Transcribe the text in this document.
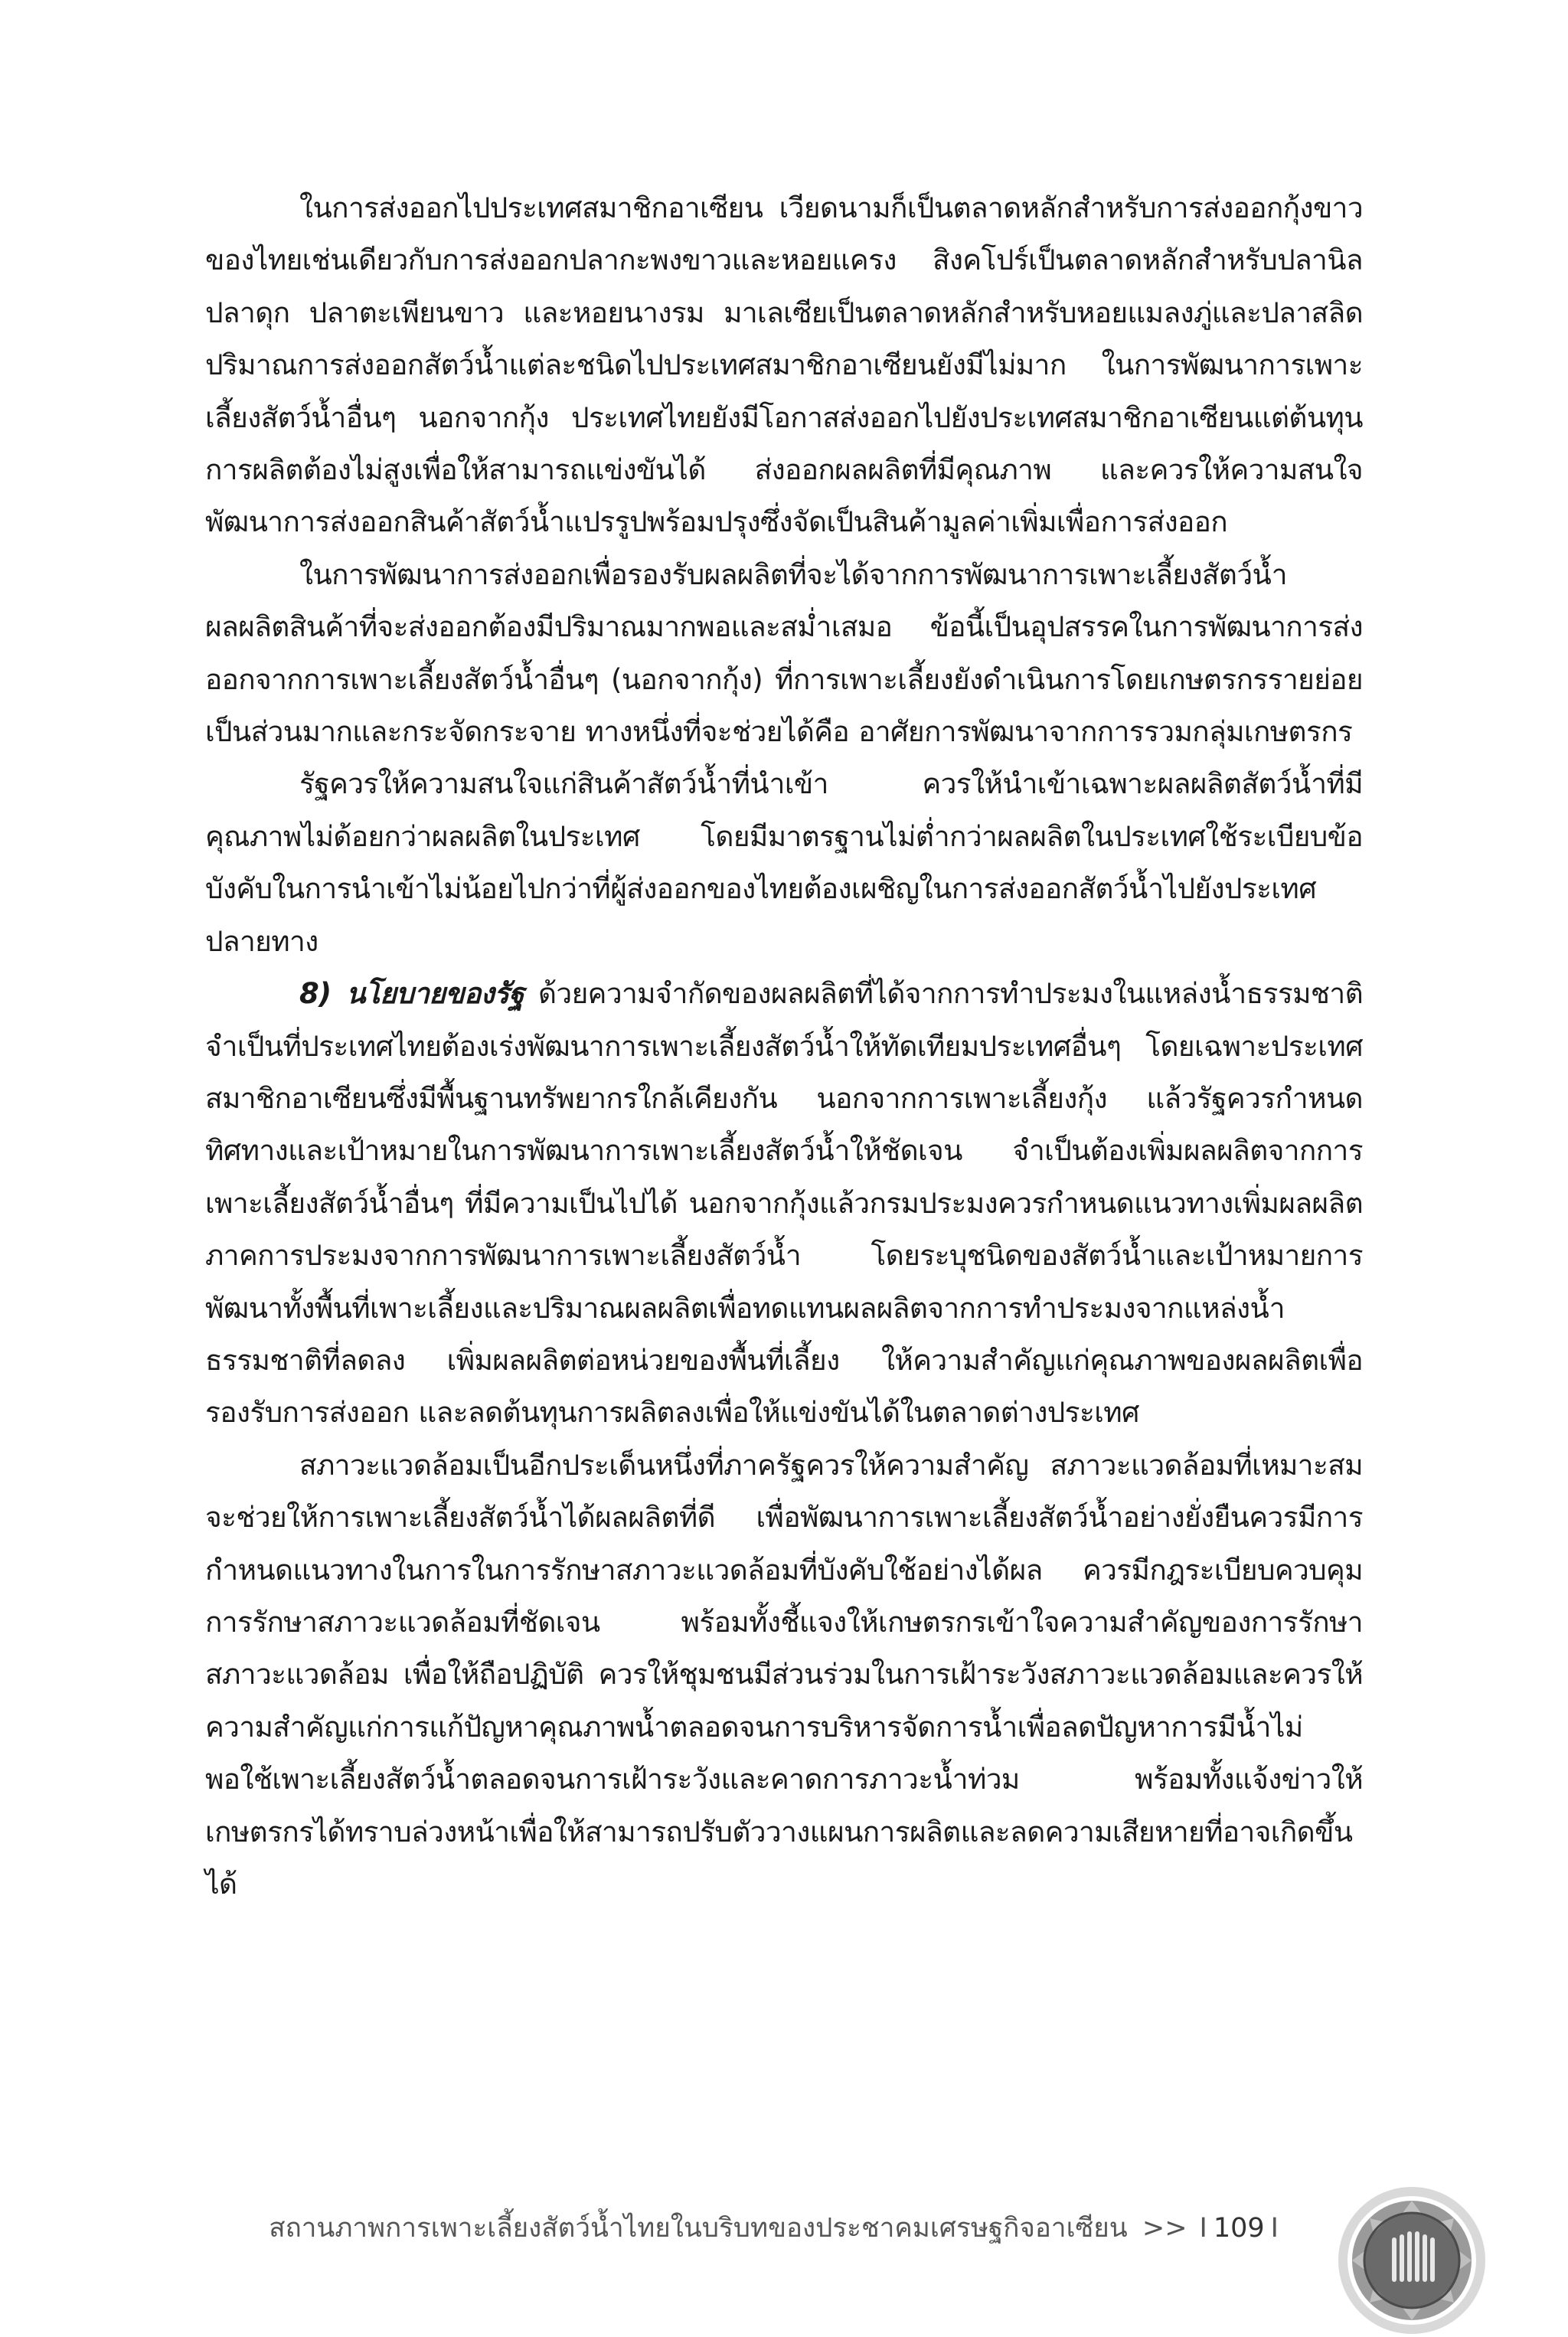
ในการส่งออกไปประเทศสมาชิกอาเซียน เวียดนามก็เป็นตลาดหลักสำหรับการส่งออกกุ้งขาวของไทยเช่นเดียวกับการส่งออกปลากะพงขาวและหอยแครง สิงคโปร์เป็นตลาดหลักสำหรับปลานิล ปลาดุก ปลาตะเพียนขาว และหอยนางรม มาเลเซียเป็นตลาดหลักสำหรับหอยแมลงภู่และปลาสลิด ปริมาณการส่งออกสัตว์น้ำแต่ละชนิดไปประเทศสมาชิกอาเซียนยังมีไม่มาก ในการพัฒนาการเพาะเลี้ยงสัตว์น้ำอื่นๆ นอกจากกุ้ง ประเทศไทยยังมีโอกาสส่งออกไปยังประเทศสมาชิกอาเซียนแต่ต้นทุนการผลิตต้องไม่สูงเพื่อให้สามารถแข่งขันได้ ส่งออกผลผลิตที่มีคุณภาพ และควรให้ความสนใจพัฒนาการส่งออกสินค้าสัตว์น้ำแปรรูปพร้อมปรุงซึ่งจัดเป็นสินค้ามูลค่าเพิ่มเพื่อการส่งออก

ในการพัฒนาการส่งออกเพื่อรองรับผลผลิตที่จะได้จากการพัฒนาการเพาะเลี้ยงสัตว์น้ำผลผลิตสินค้าที่จะส่งออกต้องมีปริมาณมากพอและสม่ำเสมอ ข้อนี้เป็นอุปสรรคในการพัฒนาการส่งออกจากการเพาะเลี้ยงสัตว์น้ำอื่นๆ (นอกจากกุ้ง) ที่การเพาะเลี้ยงยังดำเนินการโดยเกษตรกรรายย่อยเป็นส่วนมากและกระจัดกระจาย ทางหนึ่งที่จะช่วยได้คือ อาศัยการพัฒนาจากการรวมกลุ่มเกษตรกร

รัฐควรให้ความสนใจแก่สินค้าสัตว์น้ำที่นำเข้า ควรให้นำเข้าเฉพาะผลผลิตสัตว์น้ำที่มีคุณภาพไม่ด้อยกว่าผลผลิตในประเทศ โดยมีมาตรฐานไม่ต่ำกว่าผลผลิตในประเทศใช้ระเบียบข้อบังคับในการนำเข้าไม่น้อยไปกว่าที่ผู้ส่งออกของไทยต้องเผชิญในการส่งออกสัตว์น้ำไปยังประเทศปลายทาง

8) นโยบายของรัฐ ด้วยความจำกัดของผลผลิตที่ได้จากการทำประมงในแหล่งน้ำธรรมชาติ จำเป็นที่ประเทศไทยต้องเร่งพัฒนาการเพาะเลี้ยงสัตว์น้ำให้ทัดเทียมประเทศอื่นๆ โดยเฉพาะประเทศสมาชิกอาเซียนซึ่งมีพื้นฐานทรัพยากรใกล้เคียงกัน นอกจากการเพาะเลี้ยงกุ้ง แล้วรัฐควรกำหนดทิศทางและเป้าหมายในการพัฒนาการเพาะเลี้ยงสัตว์น้ำให้ชัดเจน จำเป็นต้องเพิ่มผลผลิตจากการเพาะเลี้ยงสัตว์น้ำอื่นๆ ที่มีความเป็นไปได้ นอกจากกุ้งแล้วกรมประมงควรกำหนดแนวทางเพิ่มผลผลิตภาคการประมงจากการพัฒนาการเพาะเลี้ยงสัตว์น้ำ โดยระบุชนิดของสัตว์น้ำและเป้าหมายการพัฒนาทั้งพื้นที่เพาะเลี้ยงและปริมาณผลผลิตเพื่อทดแทนผลผลิตจากการทำประมงจากแหล่งน้ำธรรมชาติที่ลดลง เพิ่มผลผลิตต่อหน่วยของพื้นที่เลี้ยง ให้ความสำคัญแก่คุณภาพของผลผลิตเพื่อรองรับการส่งออก และลดต้นทุนการผลิตลงเพื่อให้แข่งขันได้ในตลาดต่างประเทศ

สภาวะแวดล้อมเป็นอีกประเด็นหนึ่งที่ภาครัฐควรให้ความสำคัญ สภาวะแวดล้อมที่เหมาะสมจะช่วยให้การเพาะเลี้ยงสัตว์น้ำได้ผลผลิตที่ดี เพื่อพัฒนาการเพาะเลี้ยงสัตว์น้ำอย่างยั่งยืนควรมีการกำหนดแนวทางในการในการรักษาสภาวะแวดล้อมที่บังคับใช้อย่างได้ผล ควรมีกฎระเบียบควบคุมการรักษาสภาวะแวดล้อมที่ชัดเจน พร้อมทั้งชี้แจงให้เกษตรกรเข้าใจความสำคัญของการรักษาสภาวะแวดล้อม เพื่อให้ถือปฏิบัติ ควรให้ชุมชนมีส่วนร่วมในการเฝ้าระวังสภาวะแวดล้อมและควรให้ความสำคัญแก่การแก้ปัญหาคุณภาพน้ำตลอดจนการบริหารจัดการน้ำเพื่อลดปัญหาการมีน้ำไม่พอใช้เพาะเลี้ยงสัตว์น้ำตลอดจนการเฝ้าระวังและคาดการภาวะน้ำท่วม พร้อมทั้งแจ้งข่าวให้เกษตรกรได้ทราบล่วงหน้าเพื่อให้สามารถปรับตัววางแผนการผลิตและลดความเสียหายที่อาจเกิดขึ้นได้

สถานภาพการเพาะเลี้ยงสัตว์น้ำไทยในบริบทของประชาคมเศรษฐกิจอาเซียน >> I 109 I
